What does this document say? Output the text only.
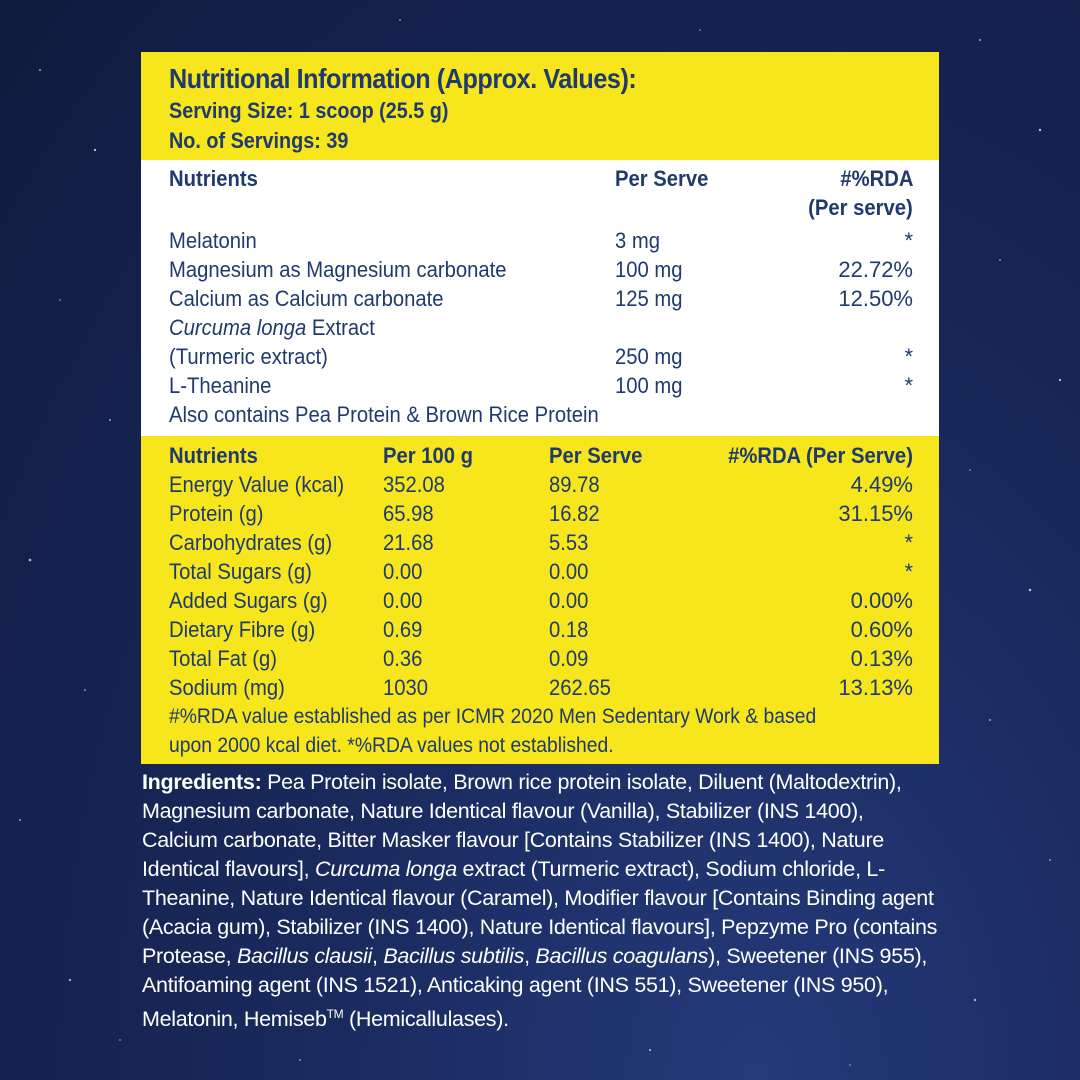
Nutritional Information (Approx. Values):
Serving Size: 1 scoop (25.5 g)
No. of Servings: 39
Nutrients	Per Serve	#%RDA
(Per serve)
Melatonin	3 mg	*
Magnesium as Magnesium carbonate	100 mg	22.72%
Calcium as Calcium carbonate	125 mg	12.50%
Curcuma longa Extract
(Turmeric extract)	250 mg	*
L-Theanine	100 mg	*
Also contains Pea Protein & Brown Rice Protein
Nutrients	Per 100 g	Per Serve	#%RDA (Per Serve)
Energy Value (kcal)	352.08	89.78	4.49%
Protein (g)	65.98	16.82	31.15%
Carbohydrates (g)	21.68	5.53	*
Total Sugars (g)	0.00	0.00	*
Added Sugars (g)	0.00	0.00	0.00%
Dietary Fibre (g)	0.69	0.18	0.60%
Total Fat (g)	0.36	0.09	0.13%
Sodium (mg)	1030	262.65	13.13%
#%RDA value established as per ICMR 2020 Men Sedentary Work & based
upon 2000 kcal diet. *%RDA values not established.
Ingredients: Pea Protein isolate, Brown rice protein isolate, Diluent (Maltodextrin), Magnesium carbonate, Nature Identical flavour (Vanilla), Stabilizer (INS 1400), Calcium carbonate, Bitter Masker flavour [Contains Stabilizer (INS 1400), Nature Identical flavours], Curcuma longa extract (Turmeric extract), Sodium chloride, L-Theanine, Nature Identical flavour (Caramel), Modifier flavour [Contains Binding agent (Acacia gum), Stabilizer (INS 1400), Nature Identical flavours], Pepzyme Pro (contains Protease, Bacillus clausii, Bacillus subtilis, Bacillus coagulans), Sweetener (INS 955), Antifoaming agent (INS 1521), Anticaking agent (INS 551), Sweetener (INS 950), Melatonin, Hemiseb™ (Hemicallulases).
